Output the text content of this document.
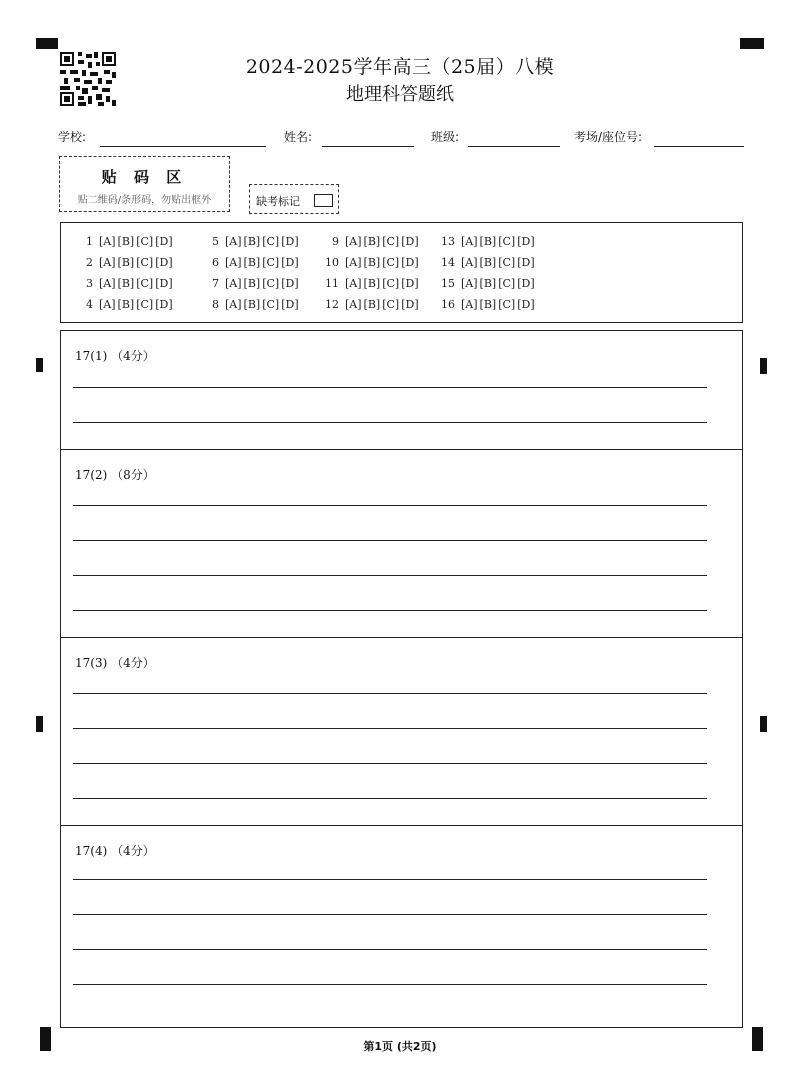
2024-2025学年高三（25届）八模
地理科答题纸
学校:	姓名:	班级:	考场/座位号:
贴 码 区
贴二维码/条形码，勿贴出框外	缺考标记
1 [A] [B] [C] [D]
2 [A] [B] [C] [D]
3 [A] [B] [C] [D]
4 [A] [B] [C] [D]
5 [A] [B] [C] [D]
6 [A] [B] [C] [D]
7 [A] [B] [C] [D]
8 [A] [B] [C] [D]
9 [A] [B] [C] [D]
10 [A] [B] [C] [D]
11 [A] [B] [C] [D]
12 [A] [B] [C] [D]
13 [A] [B] [C] [D]
14 [A] [B] [C] [D]
15 [A] [B] [C] [D]
16 [A] [B] [C] [D]
17(1) （4分）
17(2) （8分）
17(3) （4分）
17(4) （4分）
第1页 (共2页)
